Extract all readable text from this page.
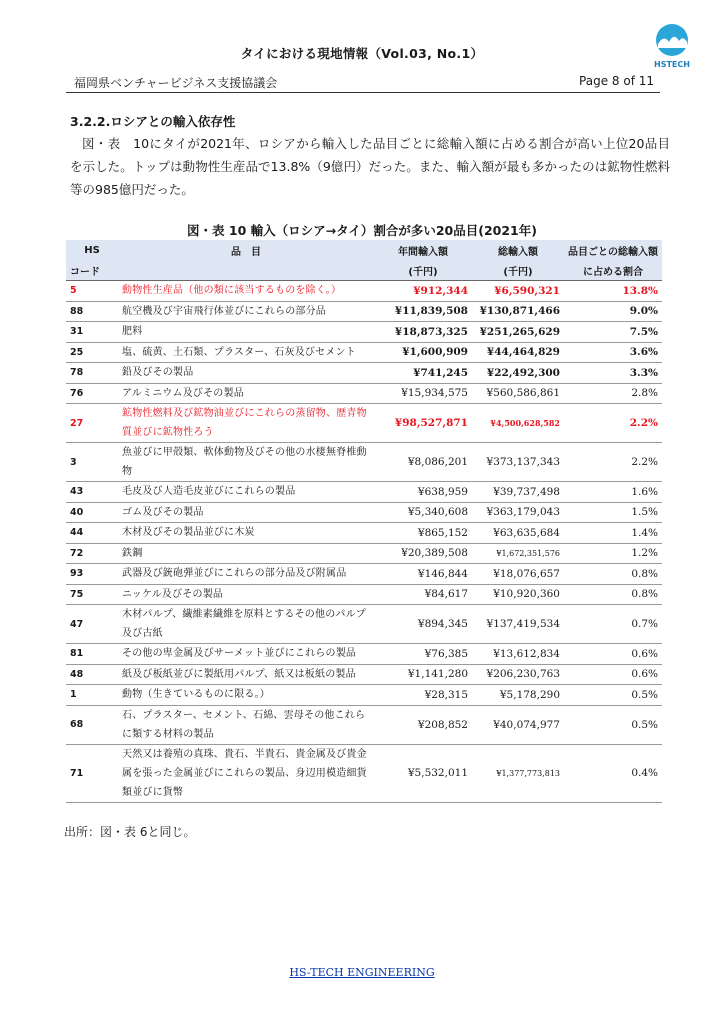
タイにおける現地情報（Vol.03, No.1）
HSTECH
福岡県ベンチャービジネス支援協議会	Page 8 of 11
3.2.2.ロシアとの輸入依存性
図・表　10にタイが2021年、ロシアから輸入した品目ごとに総輸入額に占める割合が高い上位20品目を示した。トップは動物性生産品で13.8%（9億円）だった。また、輸入額が最も多かったのは鉱物性燃料等の985億円だった。
図・表 10 輸入（ロシア→タイ）割合が多い20品目(2021年)
HS	品　目	年間輸入額	総輸入額	品目ごとの総輸入額
コード		(千円)	(千円)	に占める割合
5	動物性生産品（他の類に該当するものを除く。）	¥912,344	¥6,590,321	13.8%
88	航空機及び宇宙飛行体並びにこれらの部分品	¥11,839,508	¥130,871,466	9.0%
31	肥料	¥18,873,325	¥251,265,629	7.5%
25	塩、硫黄、土石類、プラスター、石灰及びセメント	¥1,600,909	¥44,464,829	3.6%
78	鉛及びその製品	¥741,245	¥22,492,300	3.3%
76	アルミニウム及びその製品	¥15,934,575	¥560,586,861	2.8%
27	鉱物性燃料及び鉱物油並びにこれらの蒸留物、歴青物質並びに鉱物性ろう	¥98,527,871	¥4,500,628,582	2.2%
3	魚並びに甲殻類、軟体動物及びその他の水棲無脊椎動物	¥8,086,201	¥373,137,343	2.2%
43	毛皮及び人造毛皮並びにこれらの製品	¥638,959	¥39,737,498	1.6%
40	ゴム及びその製品	¥5,340,608	¥363,179,043	1.5%
44	木材及びその製品並びに木炭	¥865,152	¥63,635,684	1.4%
72	鉄鋼	¥20,389,508	¥1,672,351,576	1.2%
93	武器及び銃砲弾並びにこれらの部分品及び附属品	¥146,844	¥18,076,657	0.8%
75	ニッケル及びその製品	¥84,617	¥10,920,360	0.8%
47	木材パルプ、繊維素繊維を原料とするその他のパルプ及び古紙	¥894,345	¥137,419,534	0.7%
81	その他の卑金属及びサーメット並びにこれらの製品	¥76,385	¥13,612,834	0.6%
48	紙及び板紙並びに製紙用パルプ、紙又は板紙の製品	¥1,141,280	¥206,230,763	0.6%
1	動物（生きているものに限る。）	¥28,315	¥5,178,290	0.5%
68	石、プラスター、セメント、石綿、雲母その他これらに類する材料の製品	¥208,852	¥40,074,977	0.5%
71	天然又は養殖の真珠、貴石、半貴石、貴金属及び貴金属を張った金属並びにこれらの製品、身辺用模造細貨類並びに貨幣	¥5,532,011	¥1,377,773,813	0.4%
出所：図・表 6と同じ。
HS-TECH ENGINEERING
